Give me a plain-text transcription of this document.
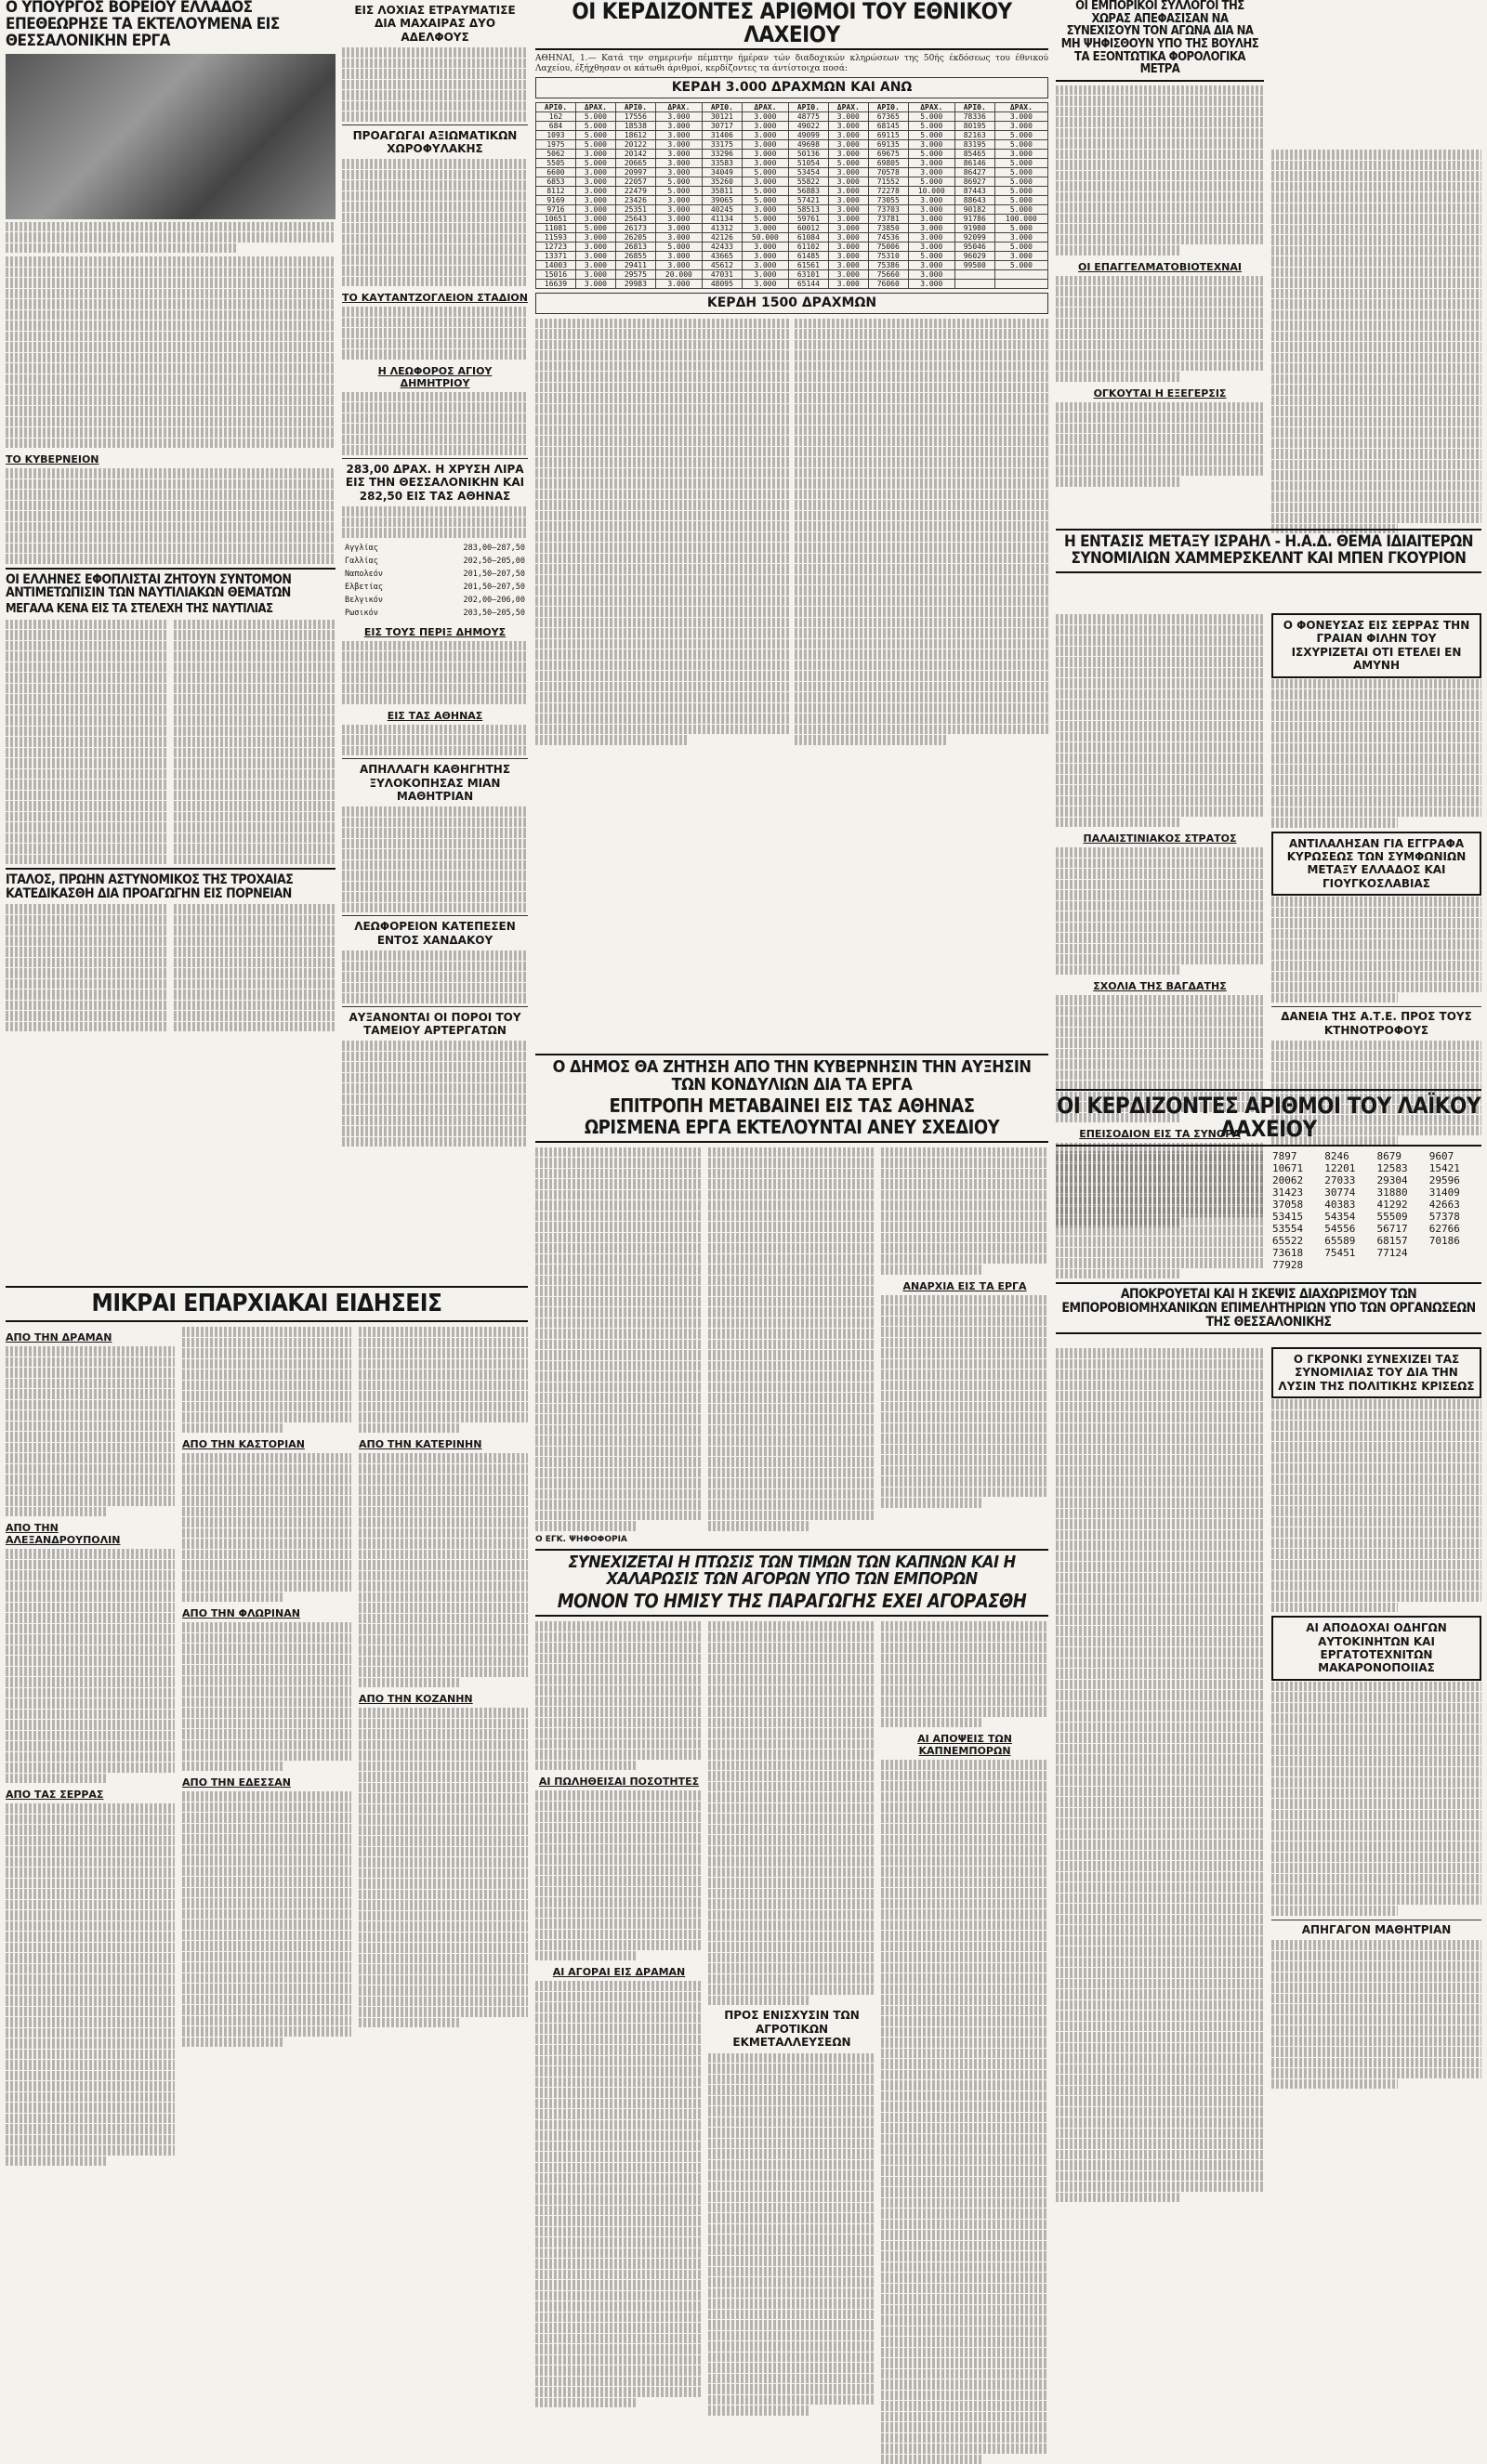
Ο ΥΠΟΥΡΓΟΣ ΒΟΡΕΙΟΥ ΕΛΛΑΔΟΣ ΕΠΕΘΕΩΡΗΣΕ ΤΑ ΕΚΤΕΛΟΥΜΕΝΑ ΕΙΣ ΘΕΣΣΑΛΟΝΙΚΗΝ ΕΡΓΑ

ΤΟ ΚΥΒΕΡΝΕΙΟΝ
ΟΙ ΕΛΛΗΝΕΣ ΕΦΟΠΛΙΣΤΑΙ ΖΗΤΟΥΝ ΣΥΝΤΟΜΟΝ ΑΝΤΙΜΕΤΩΠΙΣΙΝ ΤΩΝ ΝΑΥΤΙΛΙΑΚΩΝ ΘΕΜΑΤΩΝ
ΜΕΓΑΛΑ ΚΕΝΑ ΕΙΣ ΤΑ ΣΤΕΛΕΧΗ ΤΗΣ ΝΑΥΤΙΛΙΑΣ
ΙΤΑΛΟΣ, ΠΡΩΗΝ ΑΣΤΥΝΟΜΙΚΟΣ ΤΗΣ ΤΡΟΧΑΙΑΣ ΚΑΤΕΔΙΚΑΣΘΗ ΔΙΑ ΠΡΟΑΓΩΓΗΝ ΕΙΣ ΠΟΡΝΕΙΑΝ
ΕΙΣ ΛΟΧΙΑΣ ΕΤΡΑΥΜΑΤΙΣΕ ΔΙΑ ΜΑΧΑΙΡΑΣ ΔΥΟ ΑΔΕΛΦΟΥΣ
ΠΡΟΑΓΩΓΑΙ ΑΞΙΩΜΑΤΙΚΩΝ ΧΩΡΟΦΥΛΑΚΗΣ
ΤΟ ΚΑΥΤΑΝΤΖΟΓΛΕΙΟΝ ΣΤΑΔΙΟΝ
Η ΛΕΩΦΟΡΟΣ ΑΓΙΟΥ ΔΗΜΗΤΡΙΟΥ
283,00 ΔΡΑΧ. Η ΧΡΥΣΗ ΛΙΡΑ ΕΙΣ ΤΗΝ ΘΕΣΣΑΛΟΝΙΚΗΝ ΚΑΙ 282,50 ΕΙΣ ΤΑΣ ΑΘΗΝΑΣ
Αγγλίας	283,00—287,50
Γαλλίας	202,50—205,00
Ναπολεόν	201,50—207,50
Ελβετίας	201,50—207,50
Βελγικόν	202,00—206,00
Ρωσικόν	203,50—205,50
ΕΙΣ ΤΟΥΣ ΠΕΡΙΞ ΔΗΜΟΥΣ
ΕΙΣ ΤΑΣ ΑΘΗΝΑΣ
ΑΠΗΛΛΑΓΗ ΚΑΘΗΓΗΤΗΣ ΞΥΛΟΚΟΠΗΣΑΣ ΜΙΑΝ ΜΑΘΗΤΡΙΑΝ
ΛΕΩΦΟΡΕΙΟΝ ΚΑΤΕΠΕΣΕΝ ΕΝΤΟΣ ΧΑΝΔΑΚΟΥ
ΑΥΞΑΝΟΝΤΑΙ ΟΙ ΠΟΡΟΙ ΤΟΥ ΤΑΜΕΙΟΥ ΑΡΤΕΡΓΑΤΩΝ
ΟΙ ΚΕΡΔΙΖΟΝΤΕΣ ΑΡΙΘΜΟΙ ΤΟΥ ΕΘΝΙΚΟΥ ΛΑΧΕΙΟΥ

ΑΘΗΝΑΙ, 1.— Κατά την σημερινήν πέμπτην ήμέραν τών διαδοχικών κληρώσεων της 50ής έκδόσεως του έθνικού Λαχείου, έξήχθησαν οι κάτωθι άριθμοί, κερδίζοντες τα άντίστοιχα ποσά:

ΚΕΡΔΗ 3.000 ΔΡΑΧΜΩΝ ΚΑΙ ΑΝΩ
ΑΡΙΘ.	ΔΡΑΧ.	ΑΡΙΘ.	ΔΡΑΧ.	ΑΡΙΘ.	ΔΡΑΧ.	ΑΡΙΘ.	ΔΡΑΧ.	ΑΡΙΘ.	ΔΡΑΧ.	ΑΡΙΘ.	ΔΡΑΧ.
162	5.000	17556	3.000	30121	3.000	48775	3.000	67365	5.000	78336	3.000
684	5.000	18538	3.000	30717	3.000	49022	3.000	68145	5.000	80195	3.000
1093	5.000	18612	3.000	31406	3.000	49099	3.000	69115	5.000	82163	5.000
1975	5.000	20122	3.000	33175	3.000	49698	3.000	69135	3.000	83195	5.000
5062	3.000	20142	3.000	33296	3.000	50136	3.000	69675	5.000	85465	3.000
5505	5.000	20665	3.000	33583	3.000	51054	5.000	69805	3.000	86146	5.000
6600	3.000	20997	3.000	34049	5.000	53454	3.000	70578	3.000	86427	5.000
6853	3.000	22057	5.000	35260	3.000	55822	3.000	71552	5.000	86927	5.000
8112	3.000	22479	5.000	35811	5.000	56883	3.000	72278	10.000	87443	5.000
9169	3.000	23426	3.000	39065	5.000	57421	3.000	73055	3.000	88643	5.000
9716	3.000	25351	3.000	40245	3.000	58513	3.000	73703	3.000	90182	5.000
10651	3.000	25643	3.000	41134	5.000	59761	3.000	73781	3.000	91786	100.000
11081	5.000	26173	3.000	41312	3.000	60012	3.000	73850	3.000	91980	5.000
11593	3.000	26205	3.000	42126	50.000	61084	3.000	74536	3.000	92099	3.000
12723	3.000	26813	5.000	42433	3.000	61102	3.000	75006	3.000	95046	5.000
13371	3.000	26855	3.000	43665	3.000	61485	3.000	75310	5.000	96029	3.000
14003	3.000	29411	3.000	45612	3.000	61561	3.000	75386	3.000	99500	5.000
15016	3.000	29575	20.000	47031	3.000	63101	3.000	75660	3.000		
16639	3.000	29983	3.000	48095	3.000	65144	3.000	76060	3.000		
ΚΕΡΔΗ 1500 ΔΡΑΧΜΩΝ
ΟΙ ΕΜΠΟΡΙΚΟΙ ΣΥΛΛΟΓΟΙ ΤΗΣ ΧΩΡΑΣ ΑΠΕΦΑΣΙΣΑΝ ΝΑ ΣΥΝΕΧΙΣΟΥΝ ΤΟΝ ΑΓΩΝΑ ΔΙΑ ΝΑ ΜΗ ΨΗΦΙΣΘΟΥΝ ΥΠΟ ΤΗΣ ΒΟΥΛΗΣ ΤΑ ΕΞΟΝΤΩΤΙΚΑ ΦΟΡΟΛΟΓΙΚΑ ΜΕΤΡΑ
ΟΙ ΕΠΑΓΓΕΛΜΑΤΟΒΙΟΤΕΧΝΑΙ
ΟΓΚΟΥΤΑΙ Η ΕΞΕΓΕΡΣΙΣ
Η ΕΝΤΑΣΙΣ ΜΕΤΑΞΥ ΙΣΡΑΗΛ - Η.Α.Δ. ΘΕΜΑ ΙΔΙΑΙΤΕΡΩΝ ΣΥΝΟΜΙΛΙΩΝ ΧΑΜΜΕΡΣΚΕΛΝΤ ΚΑΙ ΜΠΕΝ ΓΚΟΥΡΙΟΝ
ΠΑΛΑΙΣΤΙΝΙΑΚΟΣ ΣΤΡΑΤΟΣ
ΣΧΟΛΙΑ ΤΗΣ ΒΑΓΔΑΤΗΣ
ΕΠΕΙΣΟΔΙΟΝ ΕΙΣ ΤΑ ΣΥΝΟΡΑ
Ο ΦΟΝΕΥΣΑΣ ΕΙΣ ΣΕΡΡΑΣ ΤΗΝ ΓΡΑΙΑΝ ΦΙΛΗΝ ΤΟΥ ΙΣΧΥΡΙΖΕΤΑΙ ΟΤΙ ΕΤΕΛΕΙ ΕΝ ΑΜΥΝΗ
ΑΝΤΙΛΑΛΗΣΑΝ ΓΙΑ ΕΓΓΡΑΦΑ ΚΥΡΩΣΕΩΣ ΤΩΝ ΣΥΜΦΩΝΙΩΝ ΜΕΤΑΞΥ ΕΛΛΑΔΟΣ ΚΑΙ ΓΙΟΥΓΚΟΣΛΑΒΙΑΣ
ΔΑΝΕΙΑ ΤΗΣ Α.Τ.Ε. ΠΡΟΣ ΤΟΥΣ ΚΤΗΝΟΤΡΟΦΟΥΣ
ΟΙ ΚΕΡΔΙΖΟΝΤΕΣ ΑΡΙΘΜΟΙ ΤΟΥ ΛΑΪΚΟΥ ΛΑΧΕΙΟΥ
7897	8246	8679	9607
10671	12201	12583	15421
20062	27033	29304	29596
31423	30774	31880	31409
37058	40383	41292	42663
53415	54354	55509	57378
53554	54556	56717	62766
65522	65589	68157	70186
73618	75451	77124
77928
ΑΠΟΚΡΟΥΕΤΑΙ ΚΑΙ Η ΣΚΕΨΙΣ ΔΙΑΧΩΡΙΣΜΟΥ ΤΩΝ ΕΜΠΟΡΟΒΙΟΜΗΧΑΝΙΚΩΝ ΕΠΙΜΕΛΗΤΗΡΙΩΝ ΥΠΟ ΤΩΝ ΟΡΓΑΝΩΣΕΩΝ ΤΗΣ ΘΕΣΣΑΛΟΝΙΚΗΣ
Ο ΓΚΡΟΝΚΙ ΣΥΝΕΧΙΖΕΙ ΤΑΣ ΣΥΝΟΜΙΛΙΑΣ ΤΟΥ ΔΙΑ ΤΗΝ ΛΥΣΙΝ ΤΗΣ ΠΟΛΙΤΙΚΗΣ ΚΡΙΣΕΩΣ
ΑΙ ΑΠΟΔΟΧΑΙ ΟΔΗΓΩΝ ΑΥΤΟΚΙΝΗΤΩΝ ΚΑΙ ΕΡΓΑΤΟΤΕΧΝΙΤΩΝ ΜΑΚΑΡΟΝΟΠΟΙΙΑΣ
ΑΠΗΓΑΓΟΝ ΜΑΘΗΤΡΙΑΝ
Ο ΔΗΜΟΣ ΘΑ ΖΗΤΗΣΗ ΑΠΟ ΤΗΝ ΚΥΒΕΡΝΗΣΙΝ ΤΗΝ ΑΥΞΗΣΙΝ ΤΩΝ ΚΟΝΔΥΛΙΩΝ ΔΙΑ ΤΑ ΕΡΓΑ
ΕΠΙΤΡΟΠΗ ΜΕΤΑΒΑΙΝΕΙ ΕΙΣ ΤΑΣ ΑΘΗΝΑΣ
ΩΡΙΣΜΕΝΑ ΕΡΓΑ ΕΚΤΕΛΟΥΝΤΑΙ ΑΝΕΥ ΣΧΕΔΙΟΥ
ΑΝΑΡΧΙΑ ΕΙΣ ΤΑ ΕΡΓΑ
Ο ΕΓΚ. ΨΗΦΟΦΟΡΙΑ
ΣΥΝΕΧΙΖΕΤΑΙ Η ΠΤΩΣΙΣ ΤΩΝ ΤΙΜΩΝ ΤΩΝ ΚΑΠΝΩΝ ΚΑΙ Η ΧΑΛΑΡΩΣΙΣ ΤΩΝ ΑΓΟΡΩΝ ΥΠΟ ΤΩΝ ΕΜΠΟΡΩΝ
ΜΟΝΟΝ ΤΟ ΗΜΙΣΥ ΤΗΣ ΠΑΡΑΓΩΓΗΣ ΕΧΕΙ ΑΓΟΡΑΣΘΗ
ΑΙ ΠΩΛΗΘΕΙΣΑΙ ΠΟΣΟΤΗΤΕΣ
ΑΙ ΑΓΟΡΑΙ ΕΙΣ ΔΡΑΜΑΝ
ΠΡΟΣ ΕΝΙΣΧΥΣΙΝ ΤΩΝ ΑΓΡΟΤΙΚΩΝ ΕΚΜΕΤΑΛΛΕΥΣΕΩΝ
ΑΙ ΑΠΟΨΕΙΣ ΤΩΝ ΚΑΠΝΕΜΠΟΡΩΝ
ΜΙΚΡΑΙ ΕΠΑΡΧΙΑΚΑΙ ΕΙΔΗΣΕΙΣ
ΑΠΟ ΤΗΝ ΔΡΑΜΑΝ
ΑΠΟ ΤΗΝ ΑΛΕΞΑΝΔΡΟΥΠΟΛΙΝ
ΑΠΟ ΤΑΣ ΣΕΡΡΑΣ
ΑΠΟ ΤΗΝ ΚΑΣΤΟΡΙΑΝ
ΑΠΟ ΤΗΝ ΦΛΩΡΙΝΑΝ
ΑΠΟ ΤΗΝ ΕΔΕΣΣΑΝ
ΑΠΟ ΤΗΝ ΚΑΤΕΡΙΝΗΝ
ΑΠΟ ΤΗΝ ΚΟΖΑΝΗΝ
